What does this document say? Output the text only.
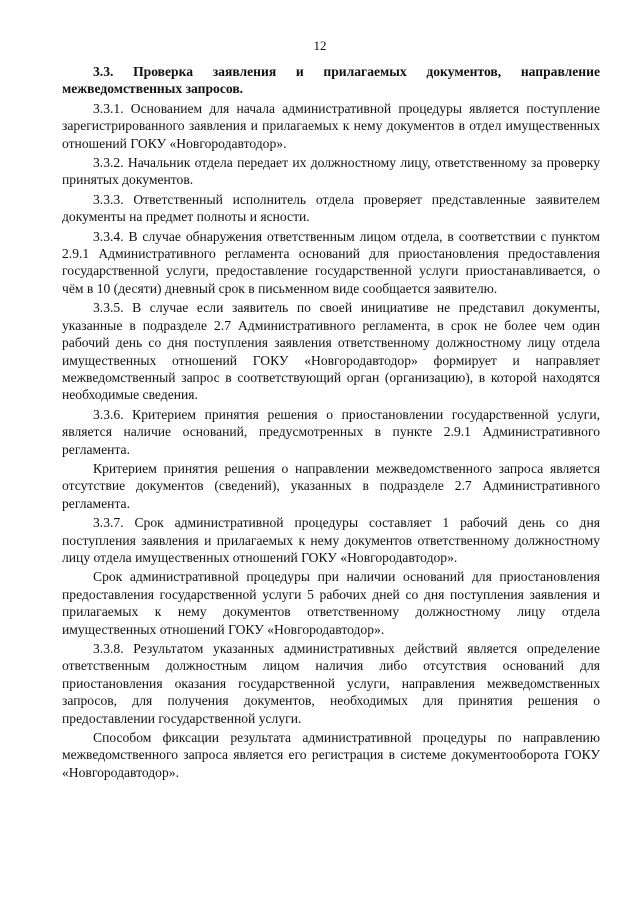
12

3.3. Проверка заявления и прилагаемых документов, направление межведомственных запросов.

3.3.1. Основанием для начала административной процедуры является поступление зарегистрированного заявления и прилагаемых к нему документов в отдел имущественных отношений ГОКУ «Новгородавтодор».

3.3.2. Начальник отдела передает их должностному лицу, ответственному за проверку принятых документов.

3.3.3. Ответственный исполнитель отдела проверяет представленные заявителем документы на предмет полноты и ясности.

3.3.4. В случае обнаружения ответственным лицом отдела, в соответствии с пунктом 2.9.1 Административного регламента оснований для приостановления предоставления государственной услуги, предоставление государственной услуги приостанавливается, о чём в 10 (десяти) дневный срок в письменном виде сообщается заявителю.

3.3.5. В случае если заявитель по своей инициативе не представил документы, указанные в подразделе 2.7 Административного регламента, в срок не более чем один рабочий день со дня поступления заявления ответственному должностному лицу отдела имущественных отношений ГОКУ «Новгородавтодор» формирует и направляет межведомственный запрос в соответствующий орган (организацию), в которой находятся необходимые сведения.

3.3.6. Критерием принятия решения о приостановлении государственной услуги, является наличие оснований, предусмотренных в пункте 2.9.1 Административного регламента.

Критерием принятия решения о направлении межведомственного запроса является отсутствие документов (сведений), указанных в подразделе 2.7 Административного регламента.

3.3.7. Срок административной процедуры составляет 1 рабочий день со дня поступления заявления и прилагаемых к нему документов ответственному должностному лицу отдела имущественных отношений ГОКУ «Новгородавтодор».

Срок административной процедуры при наличии оснований для приостановления предоставления государственной услуги 5 рабочих дней со дня поступления заявления и прилагаемых к нему документов ответственному должностному лицу отдела имущественных отношений ГОКУ «Новгородавтодор».

3.3.8. Результатом указанных административных действий является определение ответственным должностным лицом наличия либо отсутствия оснований для приостановления оказания государственной услуги, направления межведомственных запросов, для получения документов, необходимых для принятия решения о предоставлении государственной услуги.

Способом фиксации результата административной процедуры по направлению межведомственного запроса является его регистрация в системе документооборота ГОКУ «Новгородавтодор».
